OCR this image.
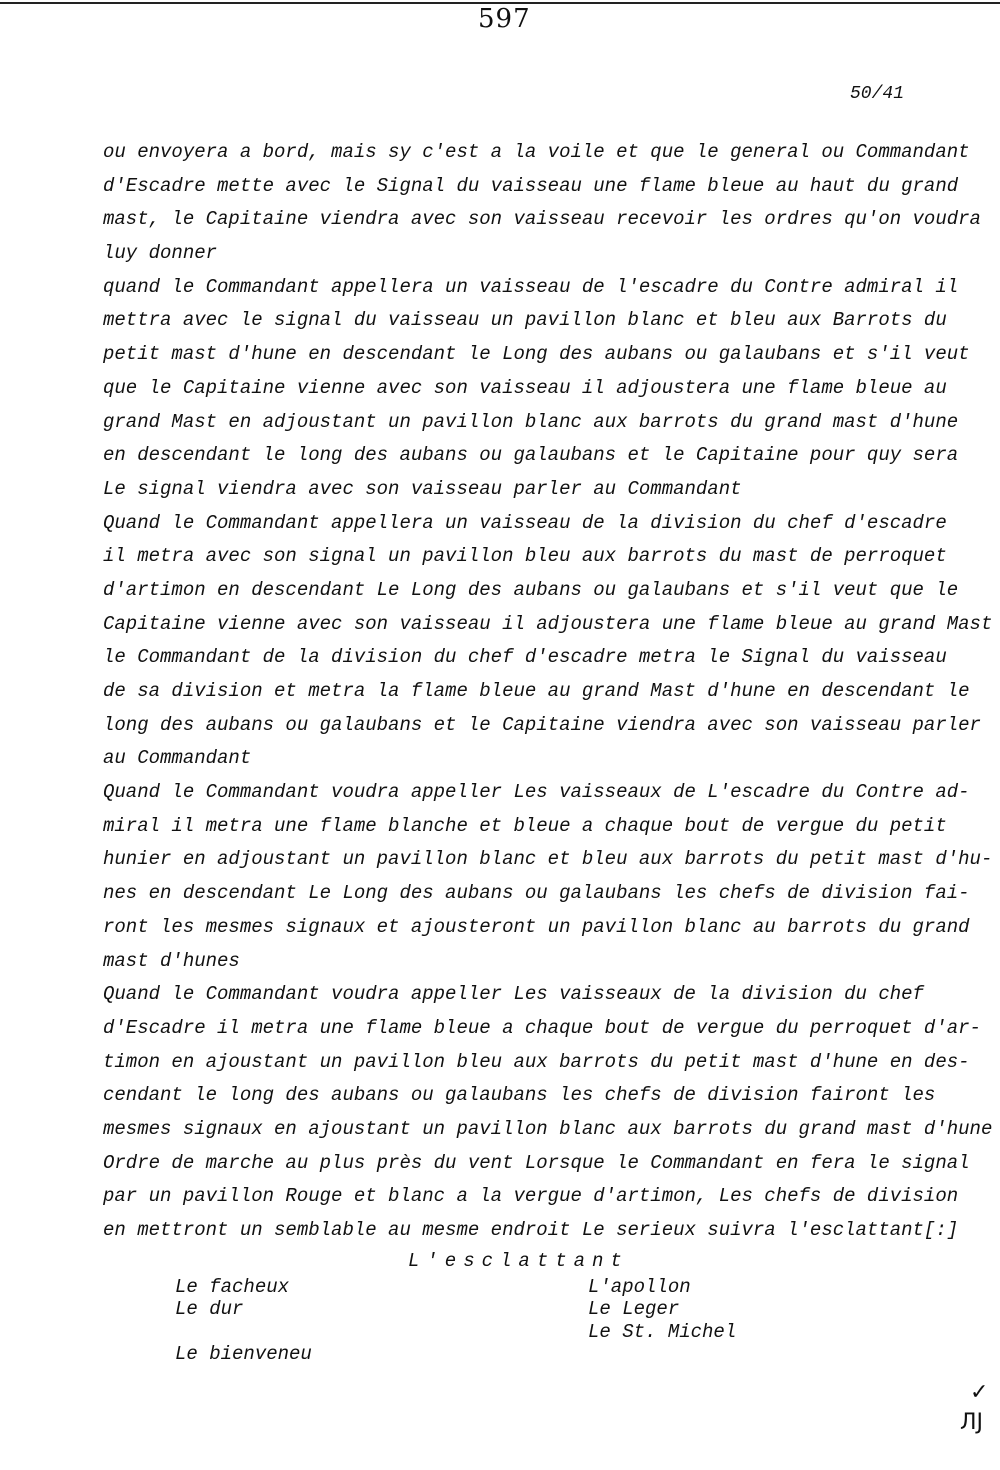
597
50/41
ou envoyera a bord, mais sy c'est a la voile et que le general ou Commandant
d'Escadre mette avec le Signal du vaisseau une flame bleue au haut du grand
mast, le Capitaine viendra avec son vaisseau recevoir les ordres qu'on voudra
luy donner
quand le Commandant appellera un vaisseau de l'escadre du Contre admiral il
mettra avec le signal du vaisseau un pavillon blanc et bleu aux Barrots du
petit mast d'hune en descendant le Long des aubans ou galaubans et s'il veut
que le Capitaine vienne avec son vaisseau il adjoustera une flame bleue au
grand Mast en adjoustant un pavillon blanc aux barrots du grand mast d'hune
en descendant le long des aubans ou galaubans et le Capitaine pour quy sera
Le signal viendra avec son vaisseau parler au Commandant
Quand le Commandant appellera un vaisseau de la division du chef d'escadre
il metra avec son signal un pavillon bleu aux barrots du mast de perroquet
d'artimon en descendant Le Long des aubans ou galaubans et s'il veut que le
Capitaine vienne avec son vaisseau il adjoustera une flame bleue au grand Mast
le Commandant de la division du chef d'escadre metra le Signal du vaisseau
de sa division et metra la flame bleue au grand Mast d'hune en descendant le
long des aubans ou galaubans et le Capitaine viendra avec son vaisseau parler
au Commandant
Quand le Commandant voudra appeller Les vaisseaux de L'escadre du Contre ad-
miral il metra une flame blanche et bleue a chaque bout de vergue du petit
hunier en adjoustant un pavillon blanc et bleu aux barrots du petit mast d'hu-
nes en descendant Le Long des aubans ou galaubans les chefs de division fai-
ront les mesmes signaux et ajousteront un pavillon blanc au barrots du grand
mast d'hunes
Quand le Commandant voudra appeller Les vaisseaux de la division du chef
d'Escadre il metra une flame bleue a chaque bout de vergue du perroquet d'ar-
timon en ajoustant un pavillon bleu aux barrots du petit mast d'hune en des-
cendant le long des aubans ou galaubans les chefs de division fairont les
mesmes signaux en ajoustant un pavillon blanc aux barrots du grand mast d'hune
Ordre de marche au plus près du vent Lorsque le Commandant en fera le signal
par un pavillon Rouge et blanc a la vergue d'artimon, Les chefs de division
en mettront un semblable au mesme endroit Le serieux suivra l'esclattant[:]
L'esclattant
Le facheux
Le dur
Le bienveneu
L'apollon
Le Leger
Le St. Michel
✓
ЛJ
